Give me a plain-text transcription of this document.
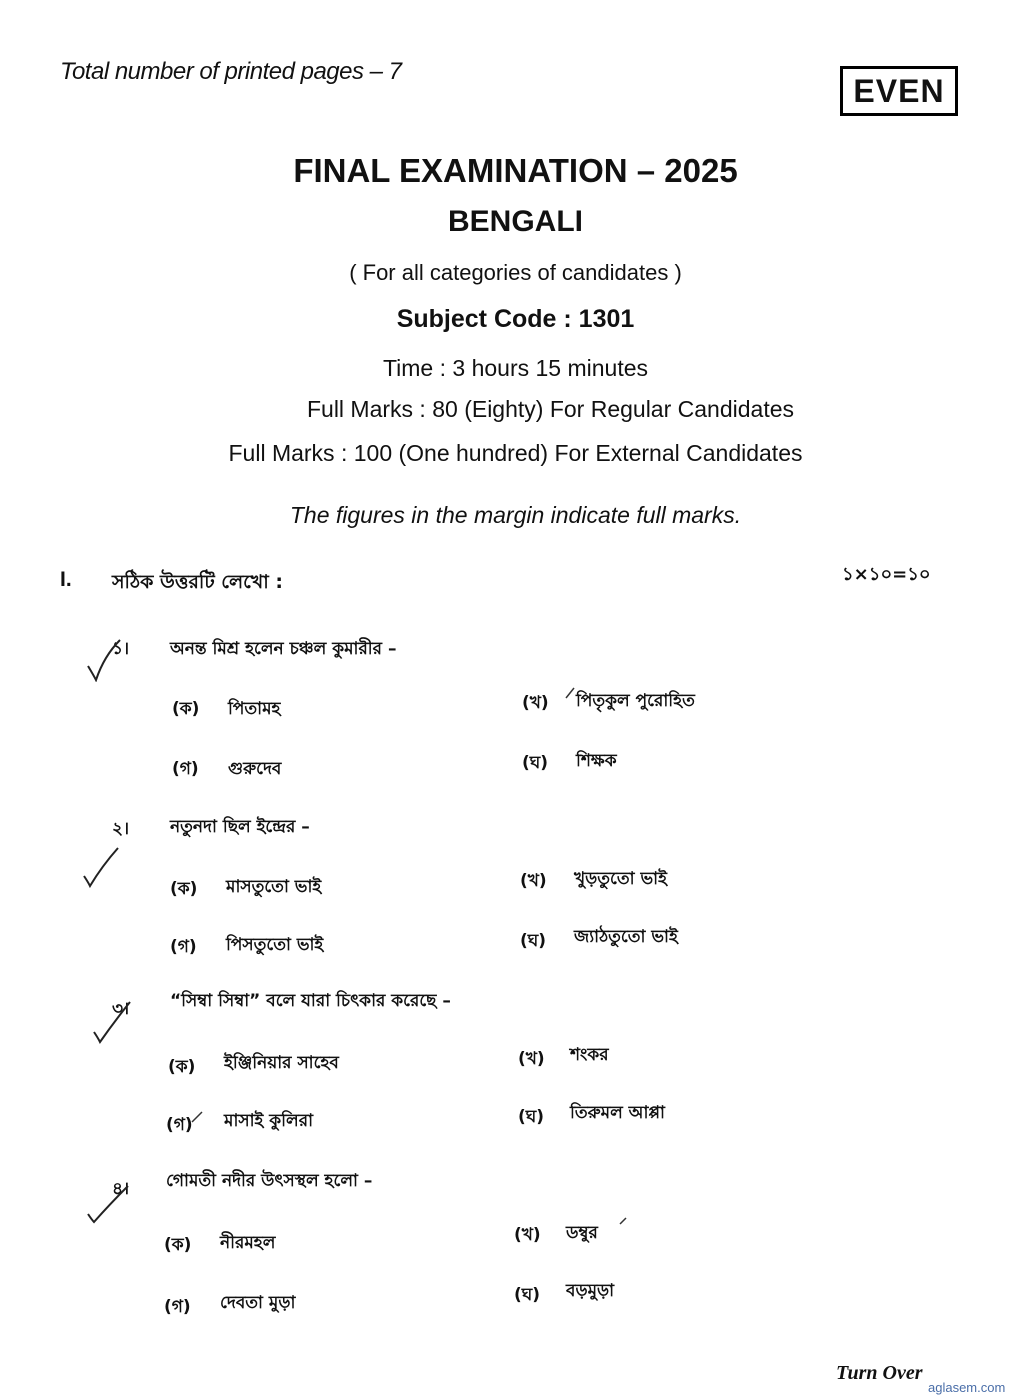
Total number of printed pages – 7
EVEN
FINAL EXAMINATION – 2025
BENGALI
( For all categories of candidates )
Subject Code : 1301
Time : 3 hours 15 minutes
Full Marks : 80 (Eighty) For Regular Candidates
Full Marks : 100 (One hundred) For External Candidates
The figures in the margin indicate full marks.
I. সঠিক উত্তরটি লেখো :	১×১০=১০
১। অনন্ত মিশ্র হলেন চঞ্চল কুমারীর –
(ক) পিতামহ	(খ) পিতৃকুল পুরোহিত
(গ) গুরুদেব	(ঘ) শিক্ষক
২। নতুনদা ছিল ইন্দ্রের –
(ক) মাসতুতো ভাই	(খ) খুড়তুতো ভাই
(গ) পিসতুতো ভাই	(ঘ) জ্যাঠতুতো ভাই
৩। “সিম্বা সিম্বা” বলে যারা চিৎকার করেছে –
(ক) ইঞ্জিনিয়ার সাহেব	(খ) শংকর
(গ) মাসাই কুলিরা	(ঘ) তিরুমল আপ্পা
৪। গোমতী নদীর উৎসস্থল হলো –
(ক) নীরমহল	(খ) ডম্বুর
(গ) দেবতা মুড়া	(ঘ) বড়মুড়া
Turn Over
aglasem.com
